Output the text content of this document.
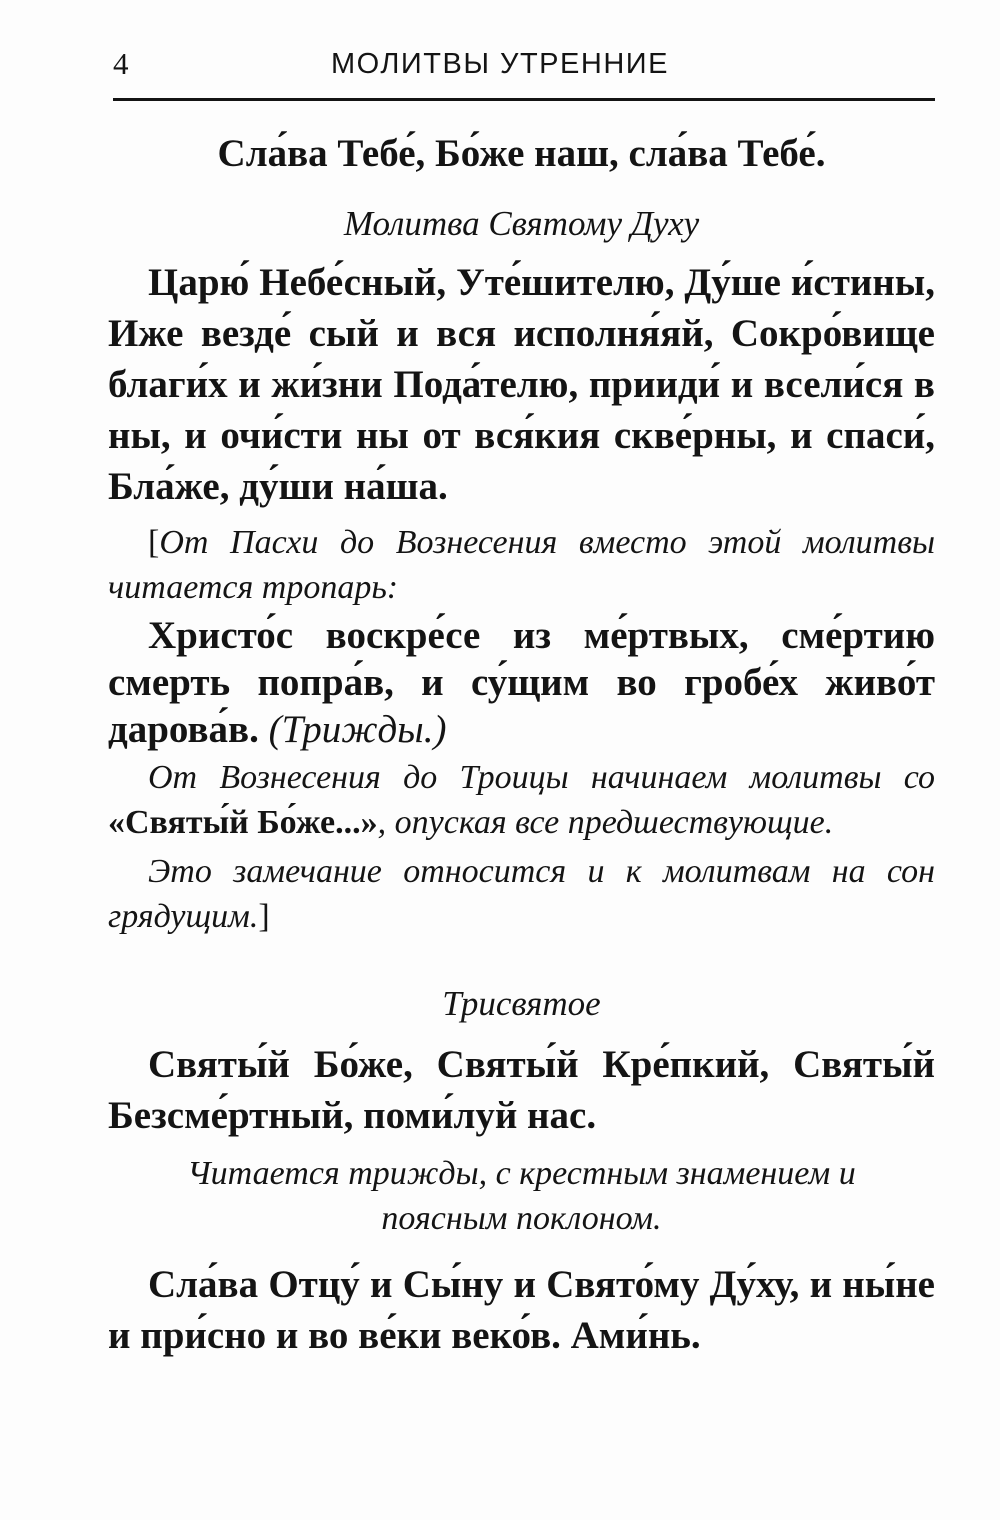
4	МОЛИТВЫ УТРЕННИЕ

Сла́ва Тебе́, Бо́же наш, сла́ва Тебе́.

Молитва Святому Духу

Царю́ Небе́сный, Уте́шителю, Ду́ше и́стины, Иже везде́ сый и вся исполня́яй, Сокро́вище благи́х и жи́зни Пода́телю, прииди́ и всели́ся в ны, и очи́сти ны от вся́кия скве́рны, и спаси́, Бла́же, ду́ши на́ша.

[От Пасхи до Вознесения вместо этой молитвы читается тропарь:

Христо́с воскре́се из ме́ртвых, сме́ртию смерть попра́в, и су́щим во гробе́х живо́т дарова́в. (Трижды.)

От Вознесения до Троицы начинаем молитвы со «Святы́й Бо́же...», опуская все предшествующие.

Это замечание относится и к молитвам на сон грядущим.]

Трисвятое

Святы́й Бо́же, Святы́й Кре́пкий, Святы́й Безсме́ртный, поми́луй нас.

Читается трижды, с крестным знамением и поясным поклоном.

Сла́ва Отцу́ и Сы́ну и Свято́му Ду́ху, и ны́не и при́сно и во ве́ки веко́в. Ами́нь.
